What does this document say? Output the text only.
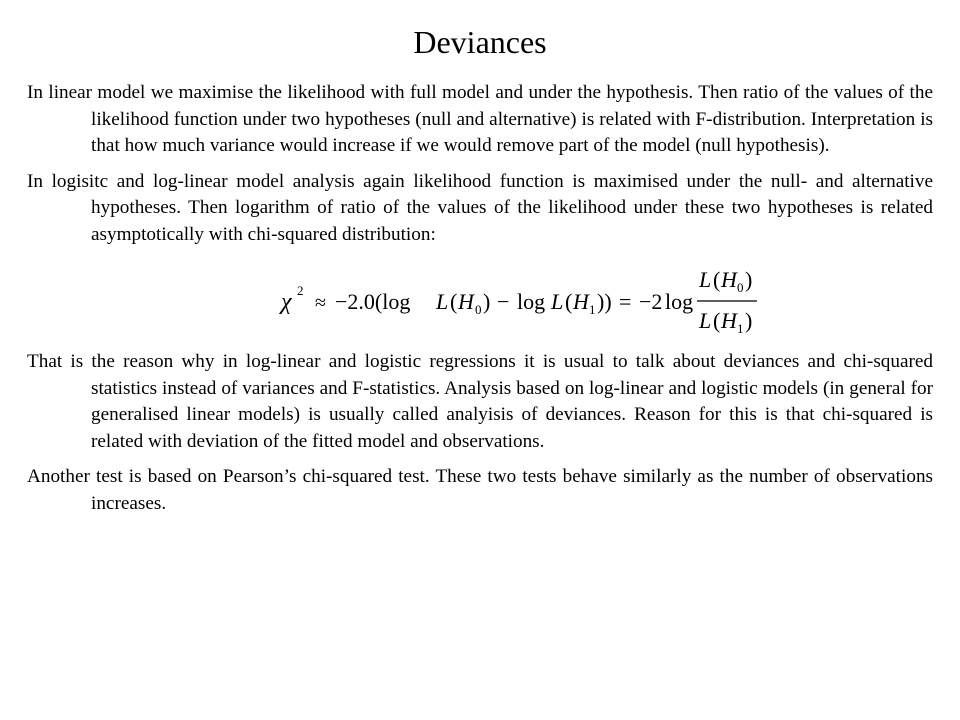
Deviances

In linear model we maximise the likelihood with full model and under the hypothesis. Then ratio of the values of the likelihood function under two hypotheses (null and alternative) is related with F-distribution. Interpretation is that how much variance would increase if we would remove part of the model (null hypothesis).

In logisitc and log-linear model analysis again likelihood function is maximised under the null- and alternative hypotheses. Then logarithm of ratio of the values of the likelihood under these two hypotheses is related asymptotically with chi-squared distribution:

χ 2
≈ −2.0(log L ( H 0 ) − log L ( H 1 )) = −2 log
L ( H 0 )
L ( H 1 )

That is the reason why in log-linear and logistic regressions it is usual to talk about deviances and chi-squared statistics instead of variances and F-statistics. Analysis based on log-linear and logistic models (in general for generalised linear models) is usually called analyisis of deviances. Reason for this is that chi-squared is related with deviation of the fitted model and observations.

Another test is based on Pearson’s chi-squared test. These two tests behave similarly as the number of observations increases.
